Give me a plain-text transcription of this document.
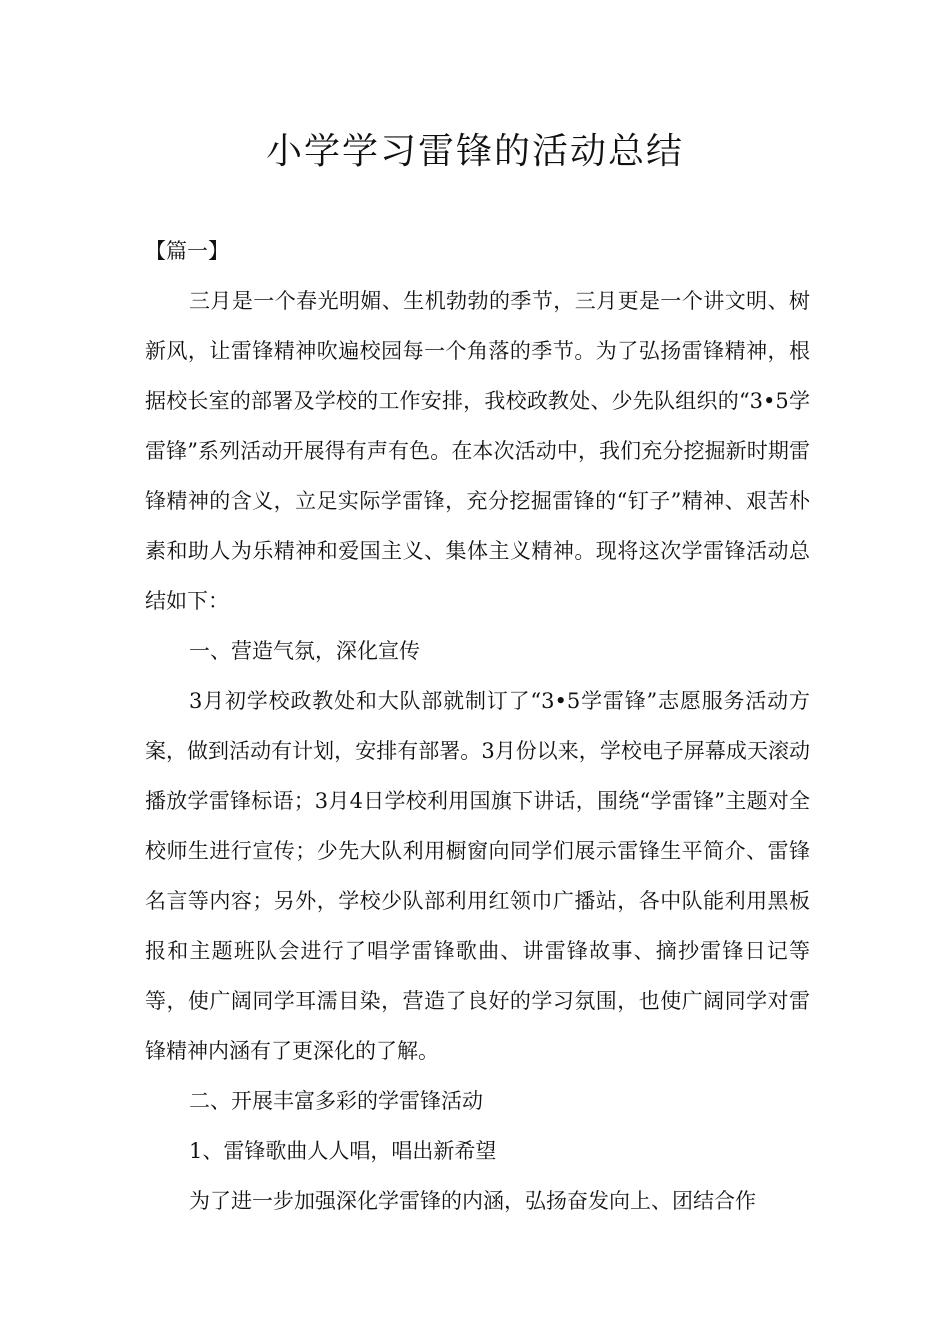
小学学习雷锋的活动总结

【篇一】

三月是一个春光明媚、生机勃勃的季节，三月更是一个讲文明、树新风，让雷锋精神吹遍校园每一个角落的季节。为了弘扬雷锋精神，根据校长室的部署及学校的工作安排，我校政教处、少先队组织的“3•5学雷锋”系列活动开展得有声有色。在本次活动中，我们充分挖掘新时期雷锋精神的含义，立足实际学雷锋，充分挖掘雷锋的“钉子”精神、艰苦朴素和助人为乐精神和爱国主义、集体主义精神。现将这次学雷锋活动总结如下：

一、营造气氛，深化宣传

3月初学校政教处和大队部就制订了“3•5学雷锋”志愿服务活动方案，做到活动有计划，安排有部署。3月份以来，学校电子屏幕成天滚动播放学雷锋标语；3月4日学校利用国旗下讲话，围绕“学雷锋”主题对全校师生进行宣传；少先大队利用橱窗向同学们展示雷锋生平简介、雷锋名言等内容；另外，学校少队部利用红领巾广播站，各中队能利用黑板报和主题班队会进行了唱学雷锋歌曲、讲雷锋故事、摘抄雷锋日记等等，使广阔同学耳濡目染，营造了良好的学习氛围，也使广阔同学对雷锋精神内涵有了更深化的了解。

二、开展丰富多彩的学雷锋活动

1、雷锋歌曲人人唱，唱出新希望

为了进一步加强深化学雷锋的内涵，弘扬奋发向上、团结合作
